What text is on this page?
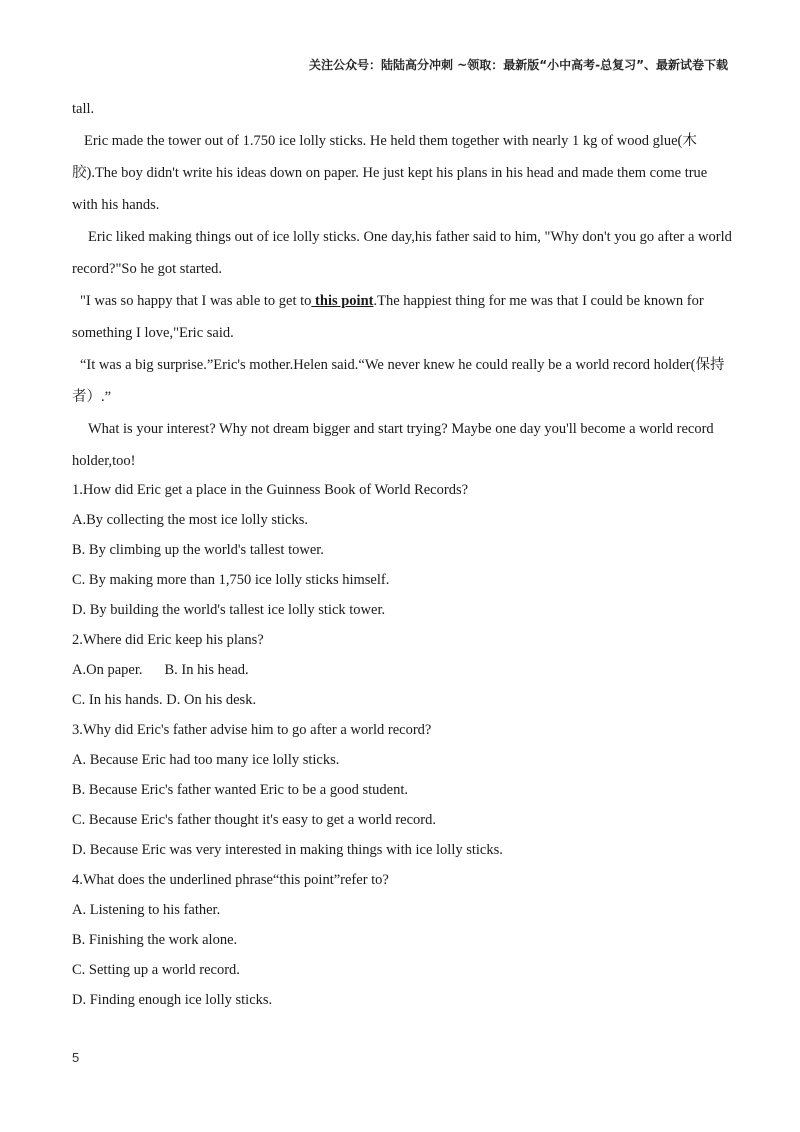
关注公众号：陆陆高分冲刺 ~领取：最新版“小中高考-总复习”、最新试卷下载

tall.

Eric made the tower out of 1.750 ice lolly sticks. He held them together with nearly 1 kg of wood glue(木胶).The boy didn't write his ideas down on paper. He just kept his plans in his head and made them come true with his hands.

Eric liked making things out of ice lolly sticks. One day,his father said to him, "Why don't you go after a world record?"So he got started.

"I was so happy that I was able to get to this point.The happiest thing for me was that I could be known for something I love,"Eric said.

“It was a big surprise.”Eric's mother.Helen said.“We never knew he could really be a world record holder(保持者）.”

What is your interest? Why not dream bigger and start trying? Maybe one day you'll become a world record holder,too!

1.How did Eric get a place in the Guinness Book of World Records?

A.By collecting the most ice lolly sticks.

B. By climbing up the world's tallest tower.

C. By making more than 1,750 ice lolly sticks himself.

D. By building the world's tallest ice lolly stick tower.

2.Where did Eric keep his plans?

A.On paper. B. In his head.

C. In his hands. D. On his desk.

3.Why did Eric's father advise him to go after a world record?

A. Because Eric had too many ice lolly sticks.

B. Because Eric's father wanted Eric to be a good student.

C. Because Eric's father thought it's easy to get a world record.

D. Because Eric was very interested in making things with ice lolly sticks.

4.What does the underlined phrase“this point”refer to?

A. Listening to his father.

B. Finishing the work alone.

C. Setting up a world record.

D. Finding enough ice lolly sticks.

5
